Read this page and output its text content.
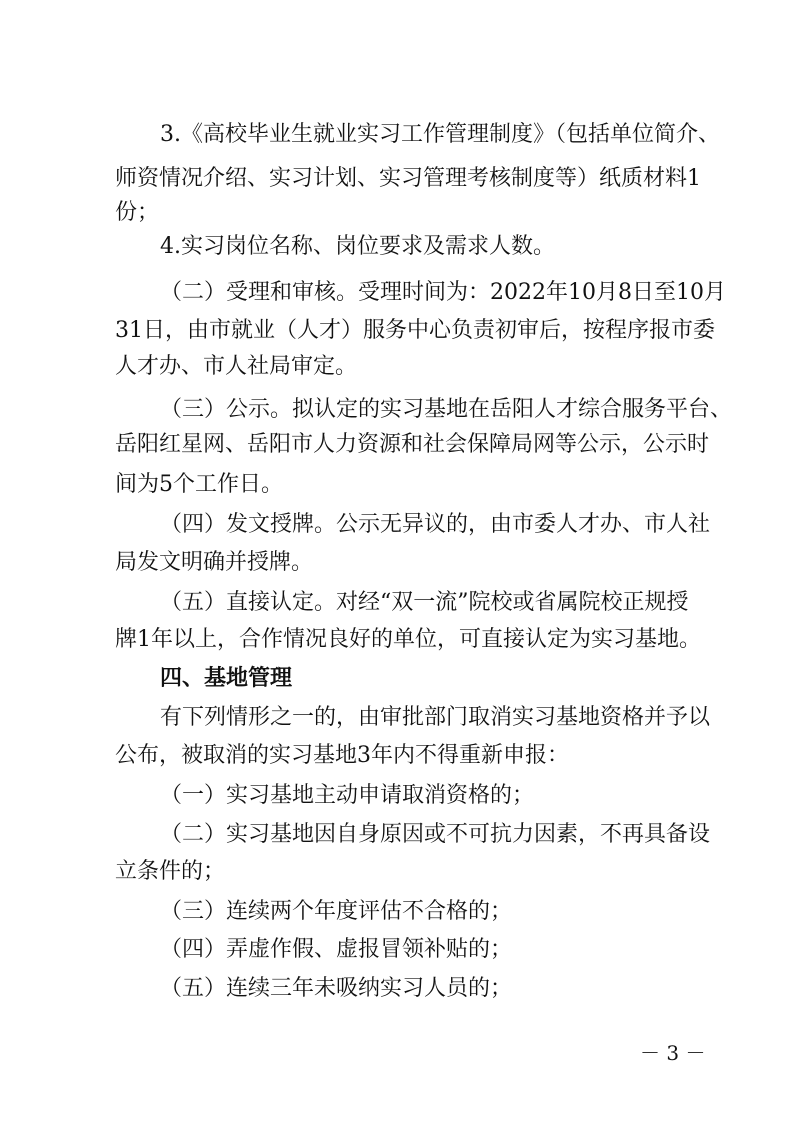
3.《高校毕业生就业实习工作管理制度》（包括单位简介、
师资情况介绍、实习计划、实习管理考核制度等）纸质材料1
份；
4.实习岗位名称、岗位要求及需求人数。
（二）受理和审核。受理时间为：2022年10月8日至10月
31日，由市就业（人才）服务中心负责初审后，按程序报市委
人才办、市人社局审定。
（三）公示。拟认定的实习基地在岳阳人才综合服务平台、
岳阳红星网、岳阳市人力资源和社会保障局网等公示，公示时
间为5个工作日。
（四）发文授牌。公示无异议的，由市委人才办、市人社
局发文明确并授牌。
（五）直接认定。对经“双一流”院校或省属院校正规授
牌1年以上，合作情况良好的单位，可直接认定为实习基地。
四、基地管理
有下列情形之一的，由审批部门取消实习基地资格并予以
公布，被取消的实习基地3年内不得重新申报：
（一）实习基地主动申请取消资格的；
（二）实习基地因自身原因或不可抗力因素，不再具备设
立条件的；
（三）连续两个年度评估不合格的；
（四）弄虚作假、虚报冒领补贴的；
（五）连续三年未吸纳实习人员的；
－ 3 －
